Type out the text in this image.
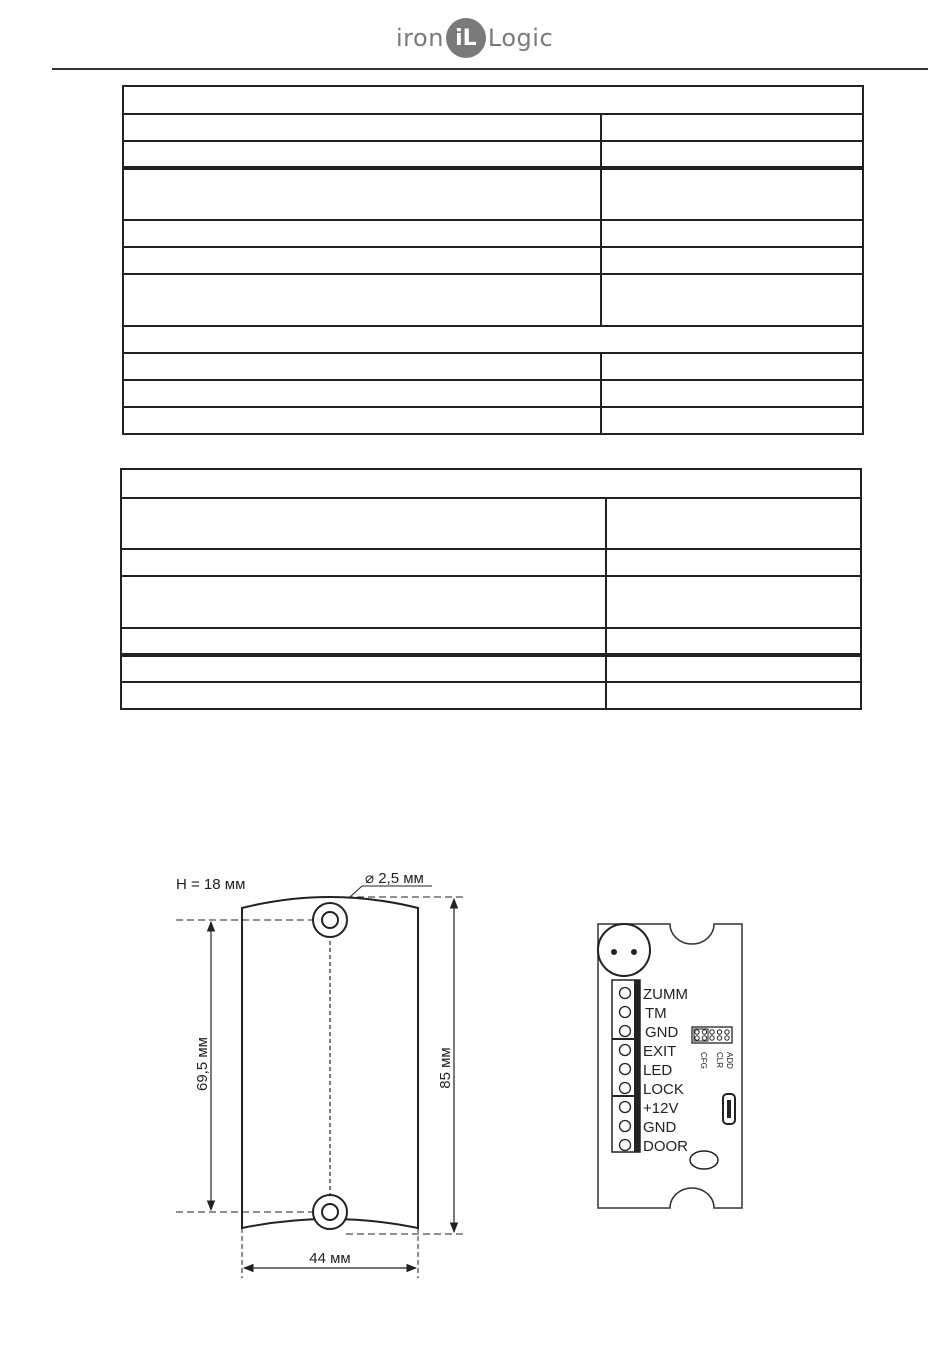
iron iL Logic

H = 18 мм	⌀ 2,5 мм
69,5 мм	85 мм
44 мм
ZUMM
TM
GND
EXIT
LED
LOCK
+12V
GND
DOOR
CFG CLR ADD
